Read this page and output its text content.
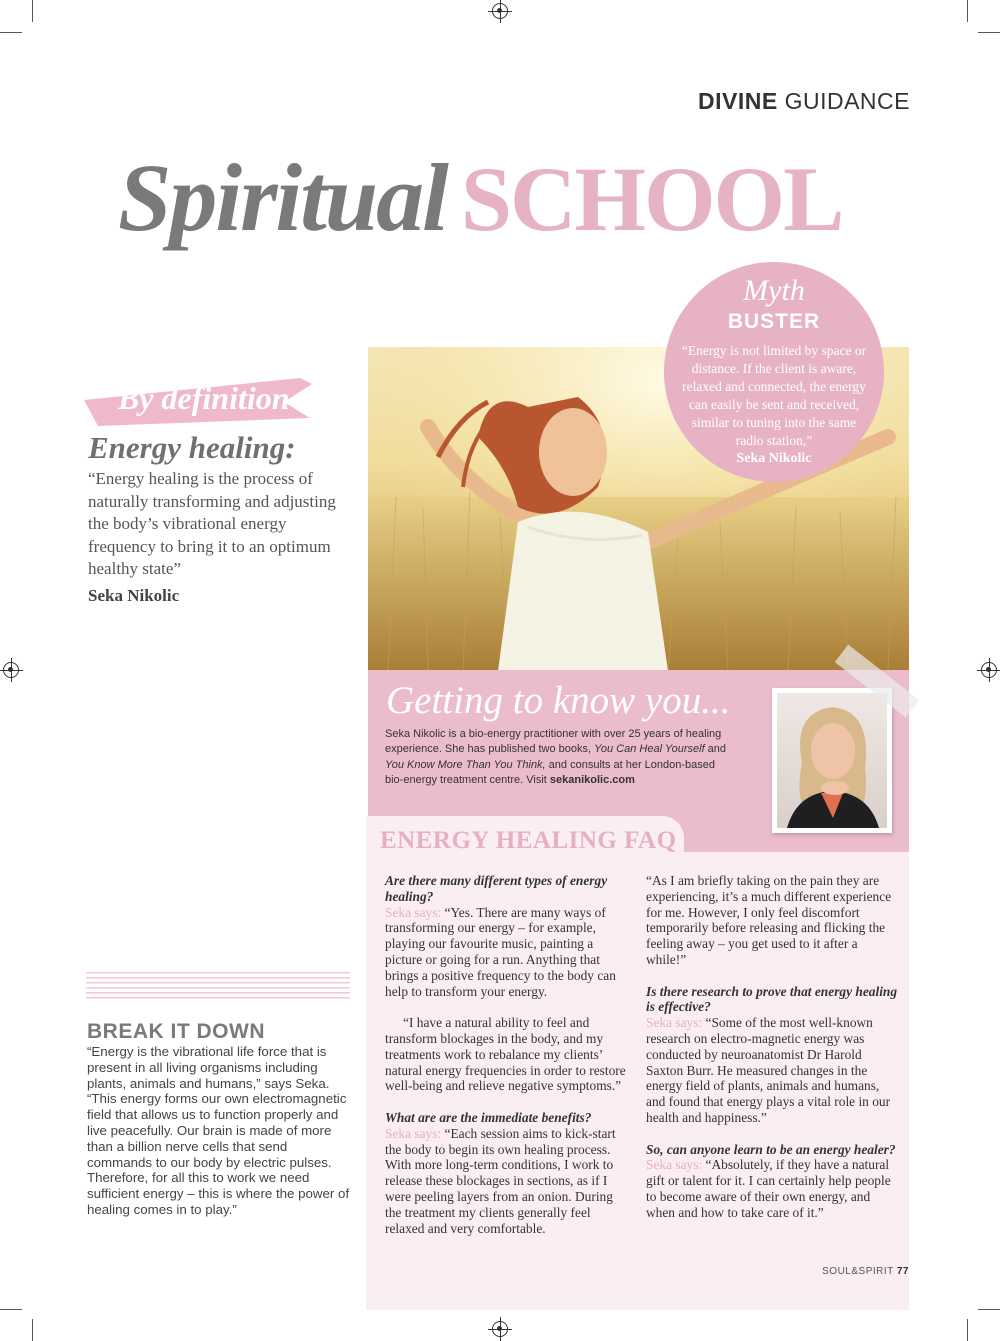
DIVINE GUIDANCE
Spiritual SCHOOL
Myth
BUSTER
“Energy is not limited by space or distance. If the client is aware, relaxed and connected, the energy can easily be sent and received, similar to tuning into the same radio station,”
Seka Nikolic
By definition
Energy healing:
“Energy healing is the process of naturally transforming and adjusting the body’s vibrational energy frequency to bring it to an optimum healthy state”
Seka Nikolic
Getting to know you...
Seka Nikolic is a bio-energy practitioner with over 25 years of healing experience. She has published two books, You Can Heal Yourself and You Know More Than You Think, and consults at her London-based bio-energy treatment centre. Visit sekanikolic.com
ENERGY HEALING FAQ

Are there many different types of energy healing?
Seka says: “Yes. There are many ways of transforming our energy – for example, playing our favourite music, painting a picture or going for a run. Anything that brings a positive frequency to the body can help to transform your energy.

“I have a natural ability to feel and transform blockages in the body, and my treatments work to rebalance my clients’ natural energy frequencies in order to restore well-being and relieve negative symptoms.”

What are are the immediate benefits?
Seka says: “Each session aims to kick-start the body to begin its own healing process. With more long-term conditions, I work to release these blockages in sections, as if I were peeling layers from an onion. During the treatment my clients generally feel relaxed and very comfortable.

“As I am briefly taking on the pain they are experiencing, it’s a much different experience for me. However, I only feel discomfort temporarily before releasing and flicking the feeling away – you get used to it after a while!”

Is there research to prove that energy healing is effective?
Seka says: “Some of the most well-known research on electro-magnetic energy was conducted by neuroanatomist Dr Harold Saxton Burr. He measured changes in the energy field of plants, animals and humans, and found that energy plays a vital role in our health and happiness.”

So, can anyone learn to be an energy healer?
Seka says: “Absolutely, if they have a natural gift or talent for it. I can certainly help people to become aware of their own energy, and when and how to take care of it.”

BREAK IT DOWN
“Energy is the vibrational life force that is present in all living organisms including plants, animals and humans,” says Seka. “This energy forms our own electromagnetic field that allows us to function properly and live peacefully. Our brain is made of more than a billion nerve cells that send commands to our body by electric pulses. Therefore, for all this to work we need sufficient energy – this is where the power of healing comes in to play.”
SOUL&SPIRIT 77
